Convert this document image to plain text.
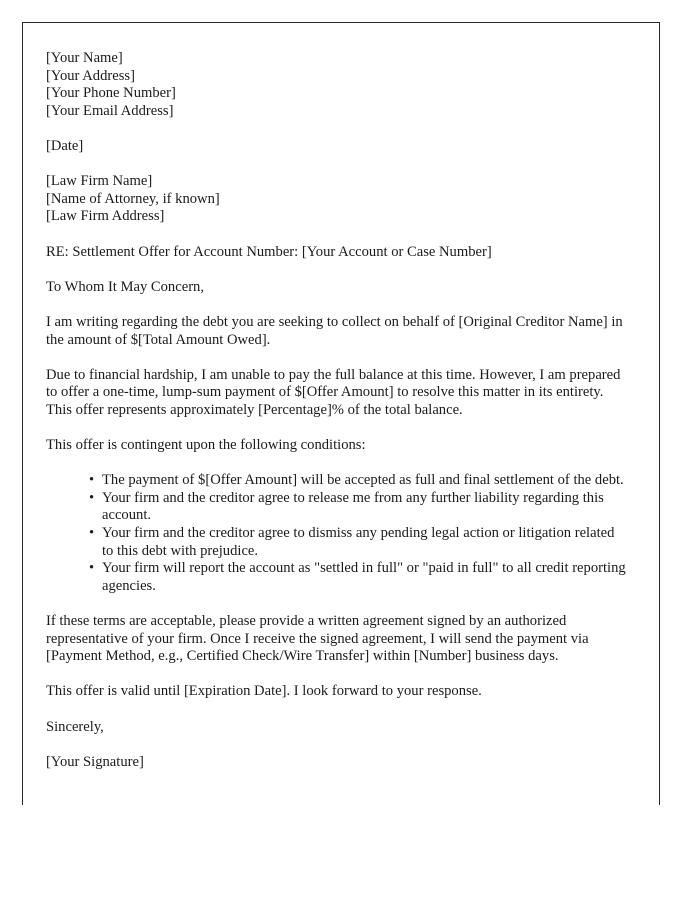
[Your Name]
[Your Address]
[Your Phone Number]
[Your Email Address]
[Date]
[Law Firm Name]
[Name of Attorney, if known]
[Law Firm Address]

RE: Settlement Offer for Account Number: [Your Account or Case Number]

To Whom It May Concern,

I am writing regarding the debt you are seeking to collect on behalf of [Original Creditor Name] in the amount of $[Total Amount Owed].

Due to financial hardship, I am unable to pay the full balance at this time. However, I am prepared to offer a one-time, lump-sum payment of $[Offer Amount] to resolve this matter in its entirety. This offer represents approximately [Percentage]% of the total balance.

This offer is contingent upon the following conditions:

• The payment of $[Offer Amount] will be accepted as full and final settlement of the debt.
• Your firm and the creditor agree to release me from any further liability regarding this account.
• Your firm and the creditor agree to dismiss any pending legal action or litigation related to this debt with prejudice.
• Your firm will report the account as "settled in full" or "paid in full" to all credit reporting agencies.

If these terms are acceptable, please provide a written agreement signed by an authorized representative of your firm. Once I receive the signed agreement, I will send the payment via [Payment Method, e.g., Certified Check/Wire Transfer] within [Number] business days.

This offer is valid until [Expiration Date]. I look forward to your response.

Sincerely,

[Your Signature]
